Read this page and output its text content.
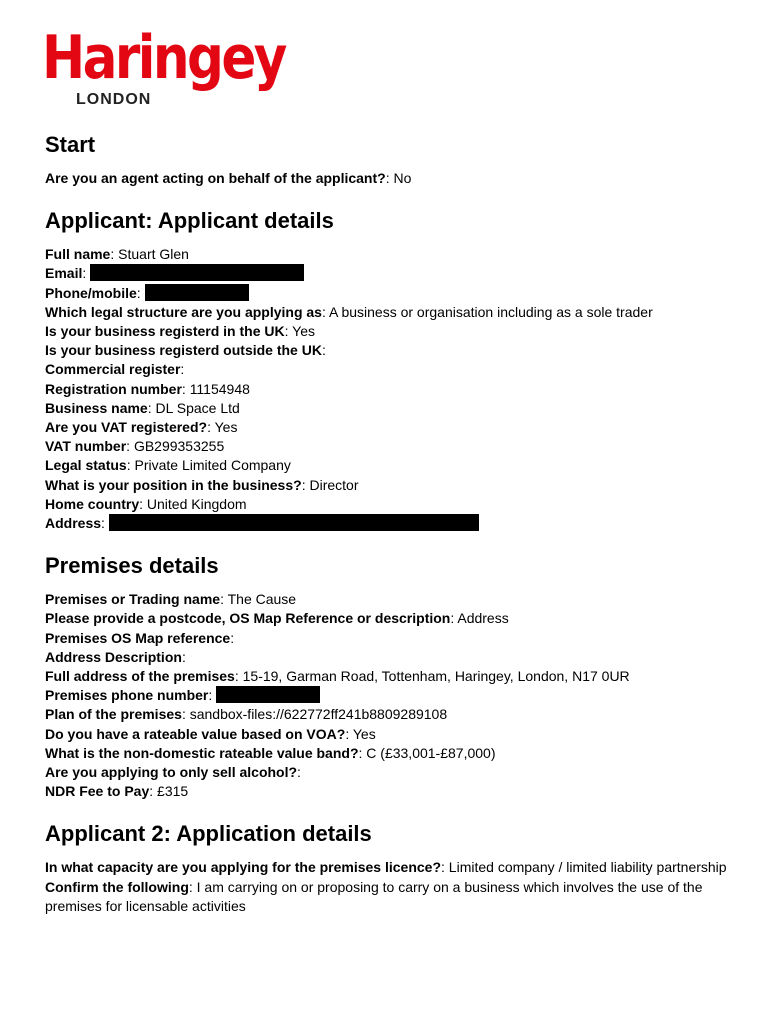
Haringey
LONDON
Start
Are you an agent acting on behalf of the applicant?: No
Applicant: Applicant details
Full name: Stuart Glen
Email:
Phone/mobile:
Which legal structure are you applying as: A business or organisation including as a sole trader
Is your business registerd in the UK: Yes
Is your business registerd outside the UK:
Commercial register:
Registration number: 11154948
Business name: DL Space Ltd
Are you VAT registered?: Yes
VAT number: GB299353255
Legal status: Private Limited Company
What is your position in the business?: Director
Home country: United Kingdom
Address:
Premises details
Premises or Trading name: The Cause
Please provide a postcode, OS Map Reference or description: Address
Premises OS Map reference:
Address Description:
Full address of the premises: 15-19, Garman Road, Tottenham, Haringey, London, N17 0UR
Premises phone number:
Plan of the premises: sandbox-files://622772ff241b8809289108
Do you have a rateable value based on VOA?: Yes
What is the non-domestic rateable value band?: C (£33,001-£87,000)
Are you applying to only sell alcohol?:
NDR Fee to Pay: £315
Applicant 2: Application details
In what capacity are you applying for the premises licence?: Limited company / limited liability partnership
Confirm the following: I am carrying on or proposing to carry on a business which involves the use of the premises for licensable activities
